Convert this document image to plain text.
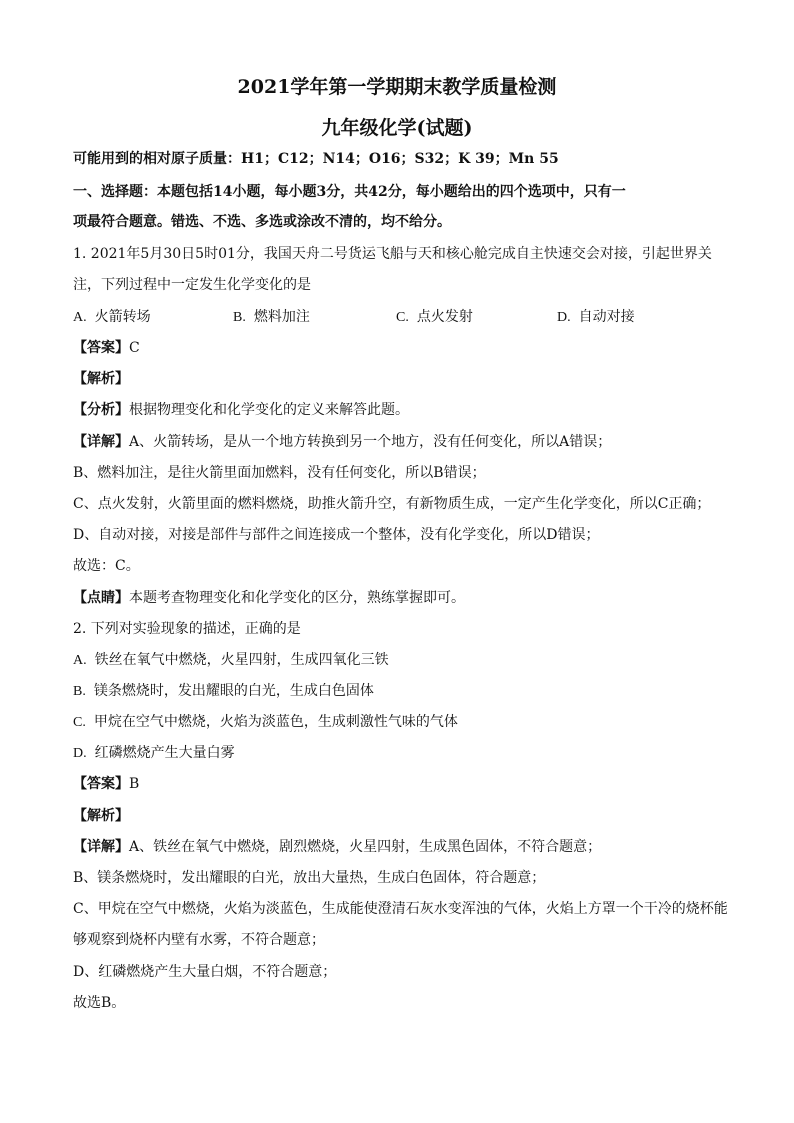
2021学年第一学期期末教学质量检测
九年级化学(试题)
可能用到的相对原子质量：H1；C12；N14；O16；S32；K 39；Mn 55
一、选择题：本题包括14小题，每小题3分，共42分，每小题给出的四个选项中，只有一
项最符合题意。错选、不选、多选或涂改不清的，均不给分。
1. 2021年5月30日5时01分，我国天舟二号货运飞船与天和核心舱完成自主快速交会对接，引起世界关
注，下列过程中一定发生化学变化的是
A. 火箭转场	B. 燃料加注	C. 点火发射	D. 自动对接
【答案】C
【解析】
【分析】根据物理变化和化学变化的定义来解答此题。
【详解】A、火箭转场，是从一个地方转换到另一个地方，没有任何变化，所以A错误；
B、燃料加注，是往火箭里面加燃料，没有任何变化，所以B错误；
C、点火发射，火箭里面的燃料燃烧，助推火箭升空，有新物质生成，一定产生化学变化，所以C正确；
D、自动对接，对接是部件与部件之间连接成一个整体，没有化学变化，所以D错误；
故选：C。
【点睛】本题考查物理变化和化学变化的区分，熟练掌握即可。
2. 下列对实验现象的描述，正确的是
A. 铁丝在氧气中燃烧，火星四射，生成四氧化三铁
B. 镁条燃烧时，发出耀眼的白光，生成白色固体
C. 甲烷在空气中燃烧，火焰为淡蓝色，生成刺激性气味的气体
D. 红磷燃烧产生大量白雾
【答案】B
【解析】
【详解】A、铁丝在氧气中燃烧，剧烈燃烧，火星四射，生成黑色固体，不符合题意；
B、镁条燃烧时，发出耀眼的白光，放出大量热，生成白色固体，符合题意；
C、甲烷在空气中燃烧，火焰为淡蓝色，生成能使澄清石灰水变浑浊的气体，火焰上方罩一个干冷的烧杯能
够观察到烧杯内壁有水雾，不符合题意；
D、红磷燃烧产生大量白烟，不符合题意；
故选B。
